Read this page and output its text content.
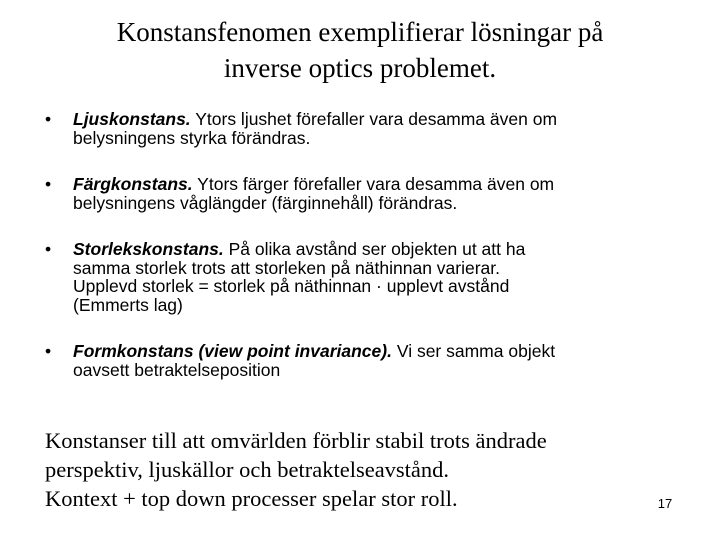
Konstansfenomen exemplifierar lösningar på
inverse optics problemet.
• Ljuskonstans. Ytors ljushet förefaller vara desamma även om
belysningens styrka förändras.
• Färgkonstans. Ytors färger förefaller vara desamma även om
belysningens våglängder (färginnehåll) förändras.
• Storlekskonstans. På olika avstånd ser objekten ut att ha
samma storlek trots att storleken på näthinnan varierar.
Upplevd storlek = storlek på näthinnan · upplevt avstånd
(Emmerts lag)
• Formkonstans (view point invariance). Vi ser samma objekt
oavsett betraktelseposition
Konstanser till att omvärlden förblir stabil trots ändrade
perspektiv, ljuskällor och betraktelseavstånd.
Kontext + top down processer spelar stor roll.	17
